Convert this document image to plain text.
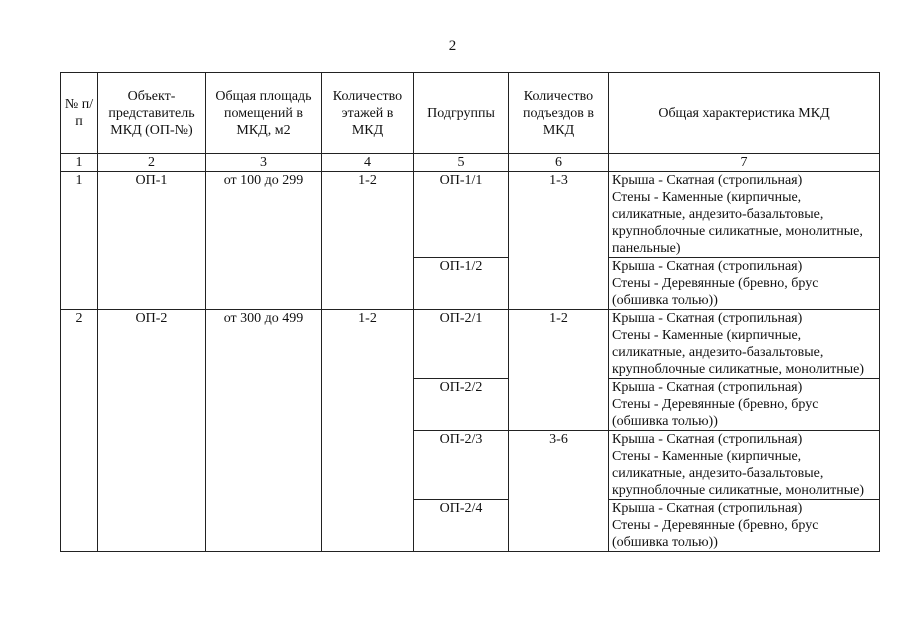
2
№ п/п	Объект-представитель МКД (ОП-№)	Общая площадь помещений в МКД, м2	Количество этажей в МКД	Подгруппы	Количество подъездов в МКД	Общая характеристика МКД
1	2	3	4	5	6	7
1	ОП-1	от 100 до 299	1-2	ОП-1/1	1-3	Крыша - Скатная (стропильная)
Стены - Каменные (кирпичные, силикатные, андезито-базальтовые, крупноблочные силикатные, монолитные, панельные)

				ОП-1/2		Крыша - Скатная (стропильная)
Стены - Деревянные (бревно, брус (обшивка толью))

2	ОП-2	от 300 до 499	1-2	ОП-2/1	1-2	Крыша - Скатная (стропильная)
Стены - Каменные (кирпичные, силикатные, андезито-базальтовые, крупноблочные силикатные, монолитные)

				ОП-2/2		Крыша - Скатная (стропильная)
Стены - Деревянные (бревно, брус (обшивка толью))

				ОП-2/3	3-6	Крыша - Скатная (стропильная)
Стены - Каменные (кирпичные, силикатные, андезито-базальтовые, крупноблочные силикатные, монолитные)

				ОП-2/4		Крыша - Скатная (стропильная)
Стены - Деревянные (бревно, брус (обшивка толью))
